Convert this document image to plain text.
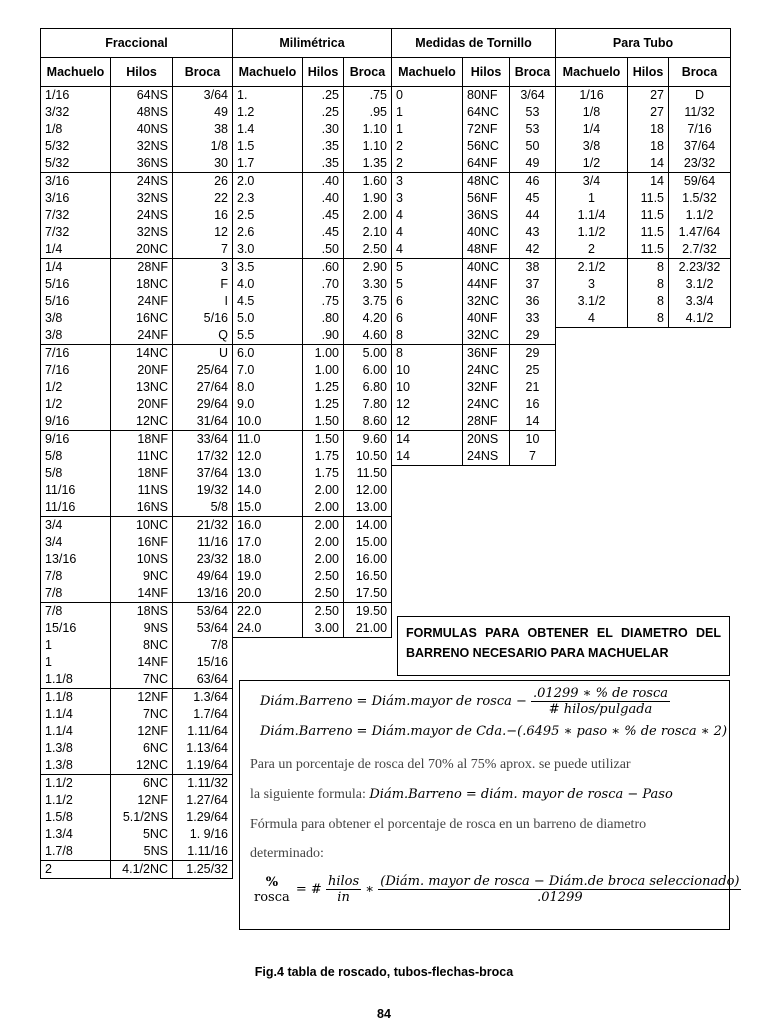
Fraccional		
Machuelo	Hilos	Broca
1/16	64NS	3/64
3/32	48NS	49
1/8	40NS	38
5/32	32NS	1/8
5/32	36NS	30
3/16	24NS	26
3/16	32NS	22
7/32	24NS	16
7/32	32NS	12
1/4	20NC	7
1/4	28NF	3
5/16	18NC	F
5/16	24NF	I
3/8	16NC	5/16
3/8	24NF	Q
7/16	14NC	U
7/16	20NF	25/64
1/2	13NC	27/64
1/2	20NF	29/64
9/16	12NC	31/64
9/16	18NF	33/64
5/8	11NC	17/32
5/8	18NF	37/64
11/16	11NS	19/32
11/16	16NS	5/8
3/4	10NC	21/32
3/4	16NF	11/16
13/16	10NS	23/32
7/8	9NC	49/64
7/8	14NF	13/16
7/8	18NS	53/64
15/16	9NS	53/64
1	8NC	7/8
1	14NF	15/16
1.1/8	7NC	63/64
1.1/8	12NF	1.3/64
1.1/4	7NC	1.7/64
1.1/4	12NF	1.11/64
1.3/8	6NC	1.13/64
1.3/8	12NC	1.19/64
1.1/2	6NC	1.11/32
1.1/2	12NF	1.27/64
1.5/8	5.1/2NS	1.29/64
1.3/4	5NC	1. 9/16
1.7/8	5NS	1.11/16
2	4.1/2NC	1.25/32
Milimétrica		
Machuelo	Hilos	Broca
1.	.25	.75
1.2	.25	.95
1.4	.30	1.10
1.5	.35	1.10
1.7	.35	1.35
2.0	.40	1.60
2.3	.40	1.90
2.5	.45	2.00
2.6	.45	2.10
3.0	.50	2.50
3.5	.60	2.90
4.0	.70	3.30
4.5	.75	3.75
5.0	.80	4.20
5.5	.90	4.60
6.0	1.00	5.00
7.0	1.00	6.00
8.0	1.25	6.80
9.0	1.25	7.80
10.0	1.50	8.60
11.0	1.50	9.60
12.0	1.75	10.50
13.0	1.75	11.50
14.0	2.00	12.00
15.0	2.00	13.00
16.0	2.00	14.00
17.0	2.00	15.00
18.0	2.00	16.00
19.0	2.50	16.50
20.0	2.50	17.50
22.0	2.50	19.50
24.0	3.00	21.00
Medidas de Tornillo		
Machuelo	Hilos	Broca
0	80NF	3/64
1	64NC	53
1	72NF	53
2	56NC	50
2	64NF	49
3	48NC	46
3	56NF	45
4	36NS	44
4	40NC	43
4	48NF	42
5	40NC	38
5	44NF	37
6	32NC	36
6	40NF	33
8	32NC	29
8	36NF	29
10	24NC	25
10	32NF	21
12	24NC	16
12	28NF	14
14	20NS	10
14	24NS	7
Para Tubo		
Machuelo	Hilos	Broca
1/16	27	D
1/8	27	11/32
1/4	18	7/16
3/8	18	37/64
1/2	14	23/32
3/4	14	59/64
1	11.5	1.5/32
1.1/4	11.5	1.1/2
1.1/2	11.5	1.47/64
2	11.5	2.7/32
2.1/2	8	2.23/32
3	8	3.1/2
3.1/2	8	3.3/4
4	8	4.1/2
FORMULAS PARA OBTENER EL DIAMETRO DEL BARRENO NECESARIO PARA MACHUELAR
Diám.Barreno = Diám.mayor de rosca − $\frac{\text{.01299 ∗ \% de rosca}}{\text{\# hilos/pulgada}}$
Diám.Barreno = Diám.mayor de Cda.−(.6495 ∗ paso ∗ % de rosca ∗ 2)
Para un porcentaje de rosca del 70% al 75% aprox. se puede utilizar
la siguiente formula: Diám.Barreno = diám. mayor de rosca − Paso
Fórmula para obtener el porcentaje de rosca en un barreno de diametro
determinado:
%
rosca = # $\frac{\text{hilos}}{in}$ ∗ $\frac{\text{(Diám. mayor de rosca − Diám.de broca seleccionado)}}{.01299}$
Fig.4 tabla de roscado, tubos-flechas-broca
84
